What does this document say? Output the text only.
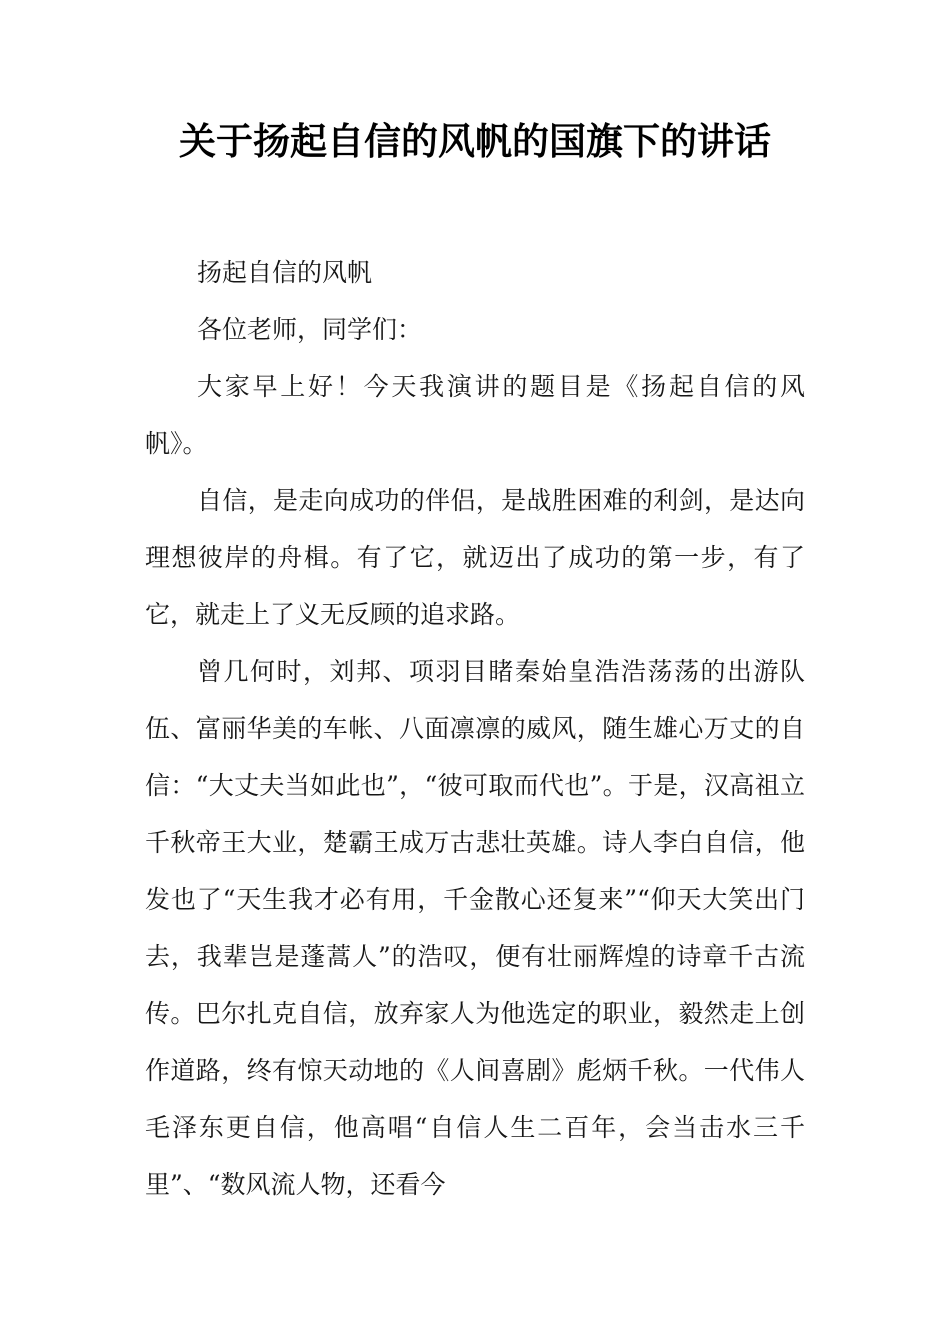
关于扬起自信的风帆的国旗下的讲话

扬起自信的风帆

各位老师，同学们：

大家早上好！今天我演讲的题目是《扬起自信的风帆》。

自信，是走向成功的伴侣，是战胜困难的利剑，是达向理想彼岸的舟楫。有了它，就迈出了成功的第一步，有了它，就走上了义无反顾的追求路。

曾几何时，刘邦、项羽目睹秦始皇浩浩荡荡的出游队伍、富丽华美的车帐、八面凛凛的威风，随生雄心万丈的自信：“大丈夫当如此也”，“彼可取而代也”。于是，汉高祖立千秋帝王大业，楚霸王成万古悲壮英雄。诗人李白自信，他发也了“天生我才必有用，千金散心还复来”“仰天大笑出门去，我辈岂是蓬蒿人”的浩叹，便有壮丽辉煌的诗章千古流传。巴尔扎克自信，放弃家人为他选定的职业，毅然走上创作道路，终有惊天动地的《人间喜剧》彪炳千秋。一代伟人毛泽东更自信，他高唱“自信人生二百年，会当击水三千里”、“数风流人物，还看今
